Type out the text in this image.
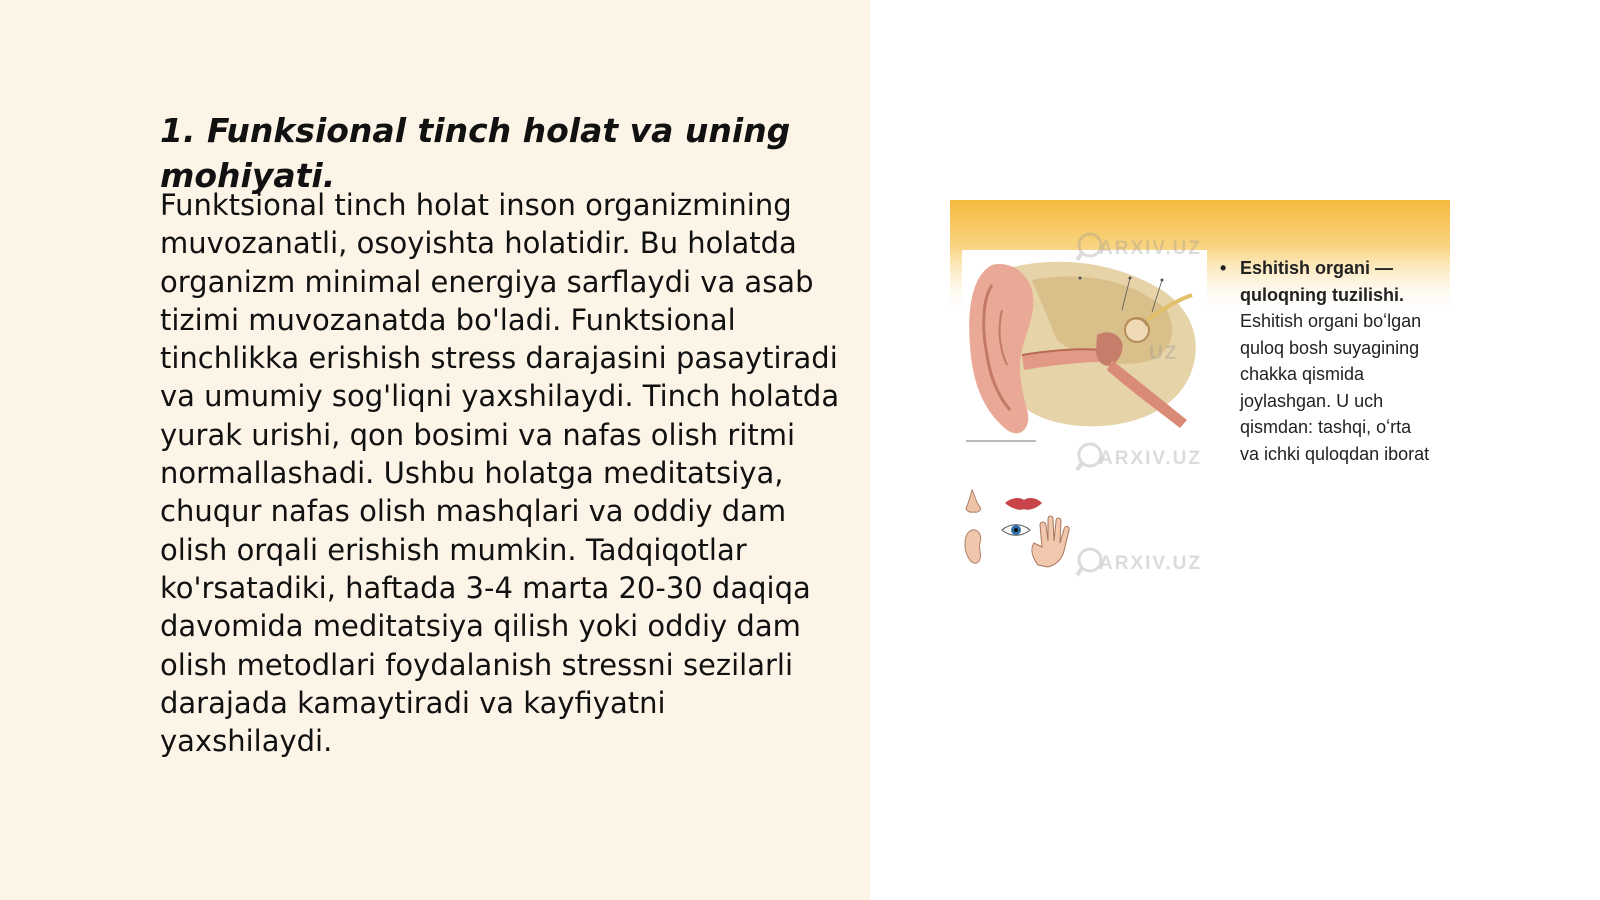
1. Funksional tinch holat va uning mohiyati.

Funktsional tinch holat inson organizmining muvozanatli, osoyishta holatidir. Bu holatda organizm minimal energiya sarflaydi va asab tizimi muvozanatda bo'ladi. Funktsional tinchlikka erishish stress darajasini pasaytiradi va umumiy sog'liqni yaxshilaydi. Tinch holatda yurak urishi, qon bosimi va nafas olish ritmi normallashadi. Ushbu holatga meditatsiya, chuqur nafas olish mashqlari va oddiy dam olish orqali erishish mumkin. Tadqiqotlar ko'rsatadiki, haftada 3-4 marta 20-30 daqiqa davomida meditatsiya qilish yoki oddiy dam olish metodlari foydalanish stressni sezilarli darajada kamaytiradi va kayfiyatni yaxshilaydi.

ARXIV.UZ
ARXIV.UZ
ARXIV.UZ
UZ
• Eshitish organi — quloqning tuzilishi. Eshitish organi boʻlgan quloq bosh suyagining chakka qismida joylashgan. U uch qismdan: tashqi, oʻrta va ichki quloqdan iborat
